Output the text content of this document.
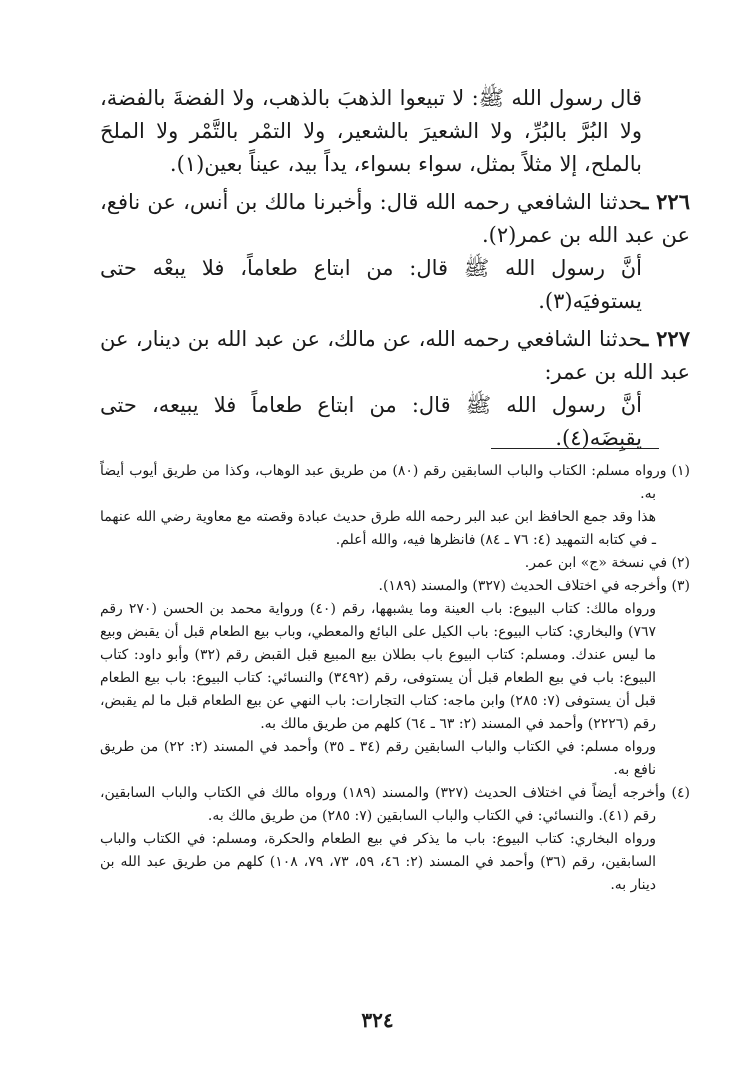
قال رسول الله ﷺ: لا تبيعوا الذهبَ بالذهب، ولا الفضةَ بالفضة، ولا البُرَّ بالبُرِّ، ولا الشعيرَ بالشعير، ولا التمْر بالتَّمْر ولا الملحَ بالملح، إلا مثلاً بمثل، سواء بسواء، يداً بيد، عيناً بعين(١).

٢٢٦ ـحدثنا الشافعي رحمه الله قال: وأخبرنا مالك بن أنس، عن نافع، عن عبد الله بن عمر(٢).

أنَّ رسول الله ﷺ قال: من ابتاع طعاماً، فلا يبعْه حتى يستوفيَه(٣).

٢٢٧ ـحدثنا الشافعي رحمه الله، عن مالك، عن عبد الله بن دينار، عن عبد الله بن عمر:

أنَّ رسول الله ﷺ قال: من ابتاع طعاماً فلا يبيعه، حتى يقبِضَه(٤).

(١) ورواه مسلم: الكتاب والباب السابقين رقم (٨٠) من طريق عبد الوهاب، وكذا من طريق أيوب أيضاً به.

هذا وقد جمع الحافظ ابن عبد البر رحمه الله طرق حديث عبادة وقصته مع معاوية رضي الله عنهما ـ في كتابه التمهيد (٤: ٧٦ ـ ٨٤) فانظرها فيه، والله أعلم.

(٢) في نسخة «ج» ابن عمر.

(٣) وأخرجه في اختلاف الحديث (٣٢٧) والمسند (١٨٩).

ورواه مالك: كتاب البيوع: باب العينة وما يشبهها، رقم (٤٠) ورواية محمد بن الحسن (٢٧٠ رقم ٧٦٧) والبخاري: كتاب البيوع: باب الكيل على البائع والمعطي، وباب بيع الطعام قبل أن يقبض وبيع ما ليس عندك. ومسلم: كتاب البيوع باب بطلان بيع المبيع قبل القبض رقم (٣٢) وأبو داود: كتاب البيوع: باب في بيع الطعام قبل أن يستوفى، رقم (٣٤٩٢) والنسائي: كتاب البيوع: باب بيع الطعام قبل أن يستوفى (٧: ٢٨٥) وابن ماجه: كتاب التجارات: باب النهي عن بيع الطعام قبل ما لم يقبض، رقم (٢٢٢٦) وأحمد في المسند (٢: ٦٣ ـ ٦٤) كلهم من طريق مالك به.

ورواه مسلم: في الكتاب والباب السابقين رقم (٣٤ ـ ٣٥) وأحمد في المسند (٢: ٢٢) من طريق نافع به.

(٤) وأخرجه أيضاً في اختلاف الحديث (٣٢٧) والمسند (١٨٩) ورواه مالك في الكتاب والباب السابقين، رقم (٤١). والنسائي: في الكتاب والباب السابقين (٧: ٢٨٥) من طريق مالك به.

ورواه البخاري: كتاب البيوع: باب ما يذكر في بيع الطعام والحكرة، ومسلم: في الكتاب والباب السابقين، رقم (٣٦) وأحمد في المسند (٢: ٤٦، ٥٩، ٧٣، ٧٩، ١٠٨) كلهم من طريق عبد الله بن دينار به.

٣٢٤
